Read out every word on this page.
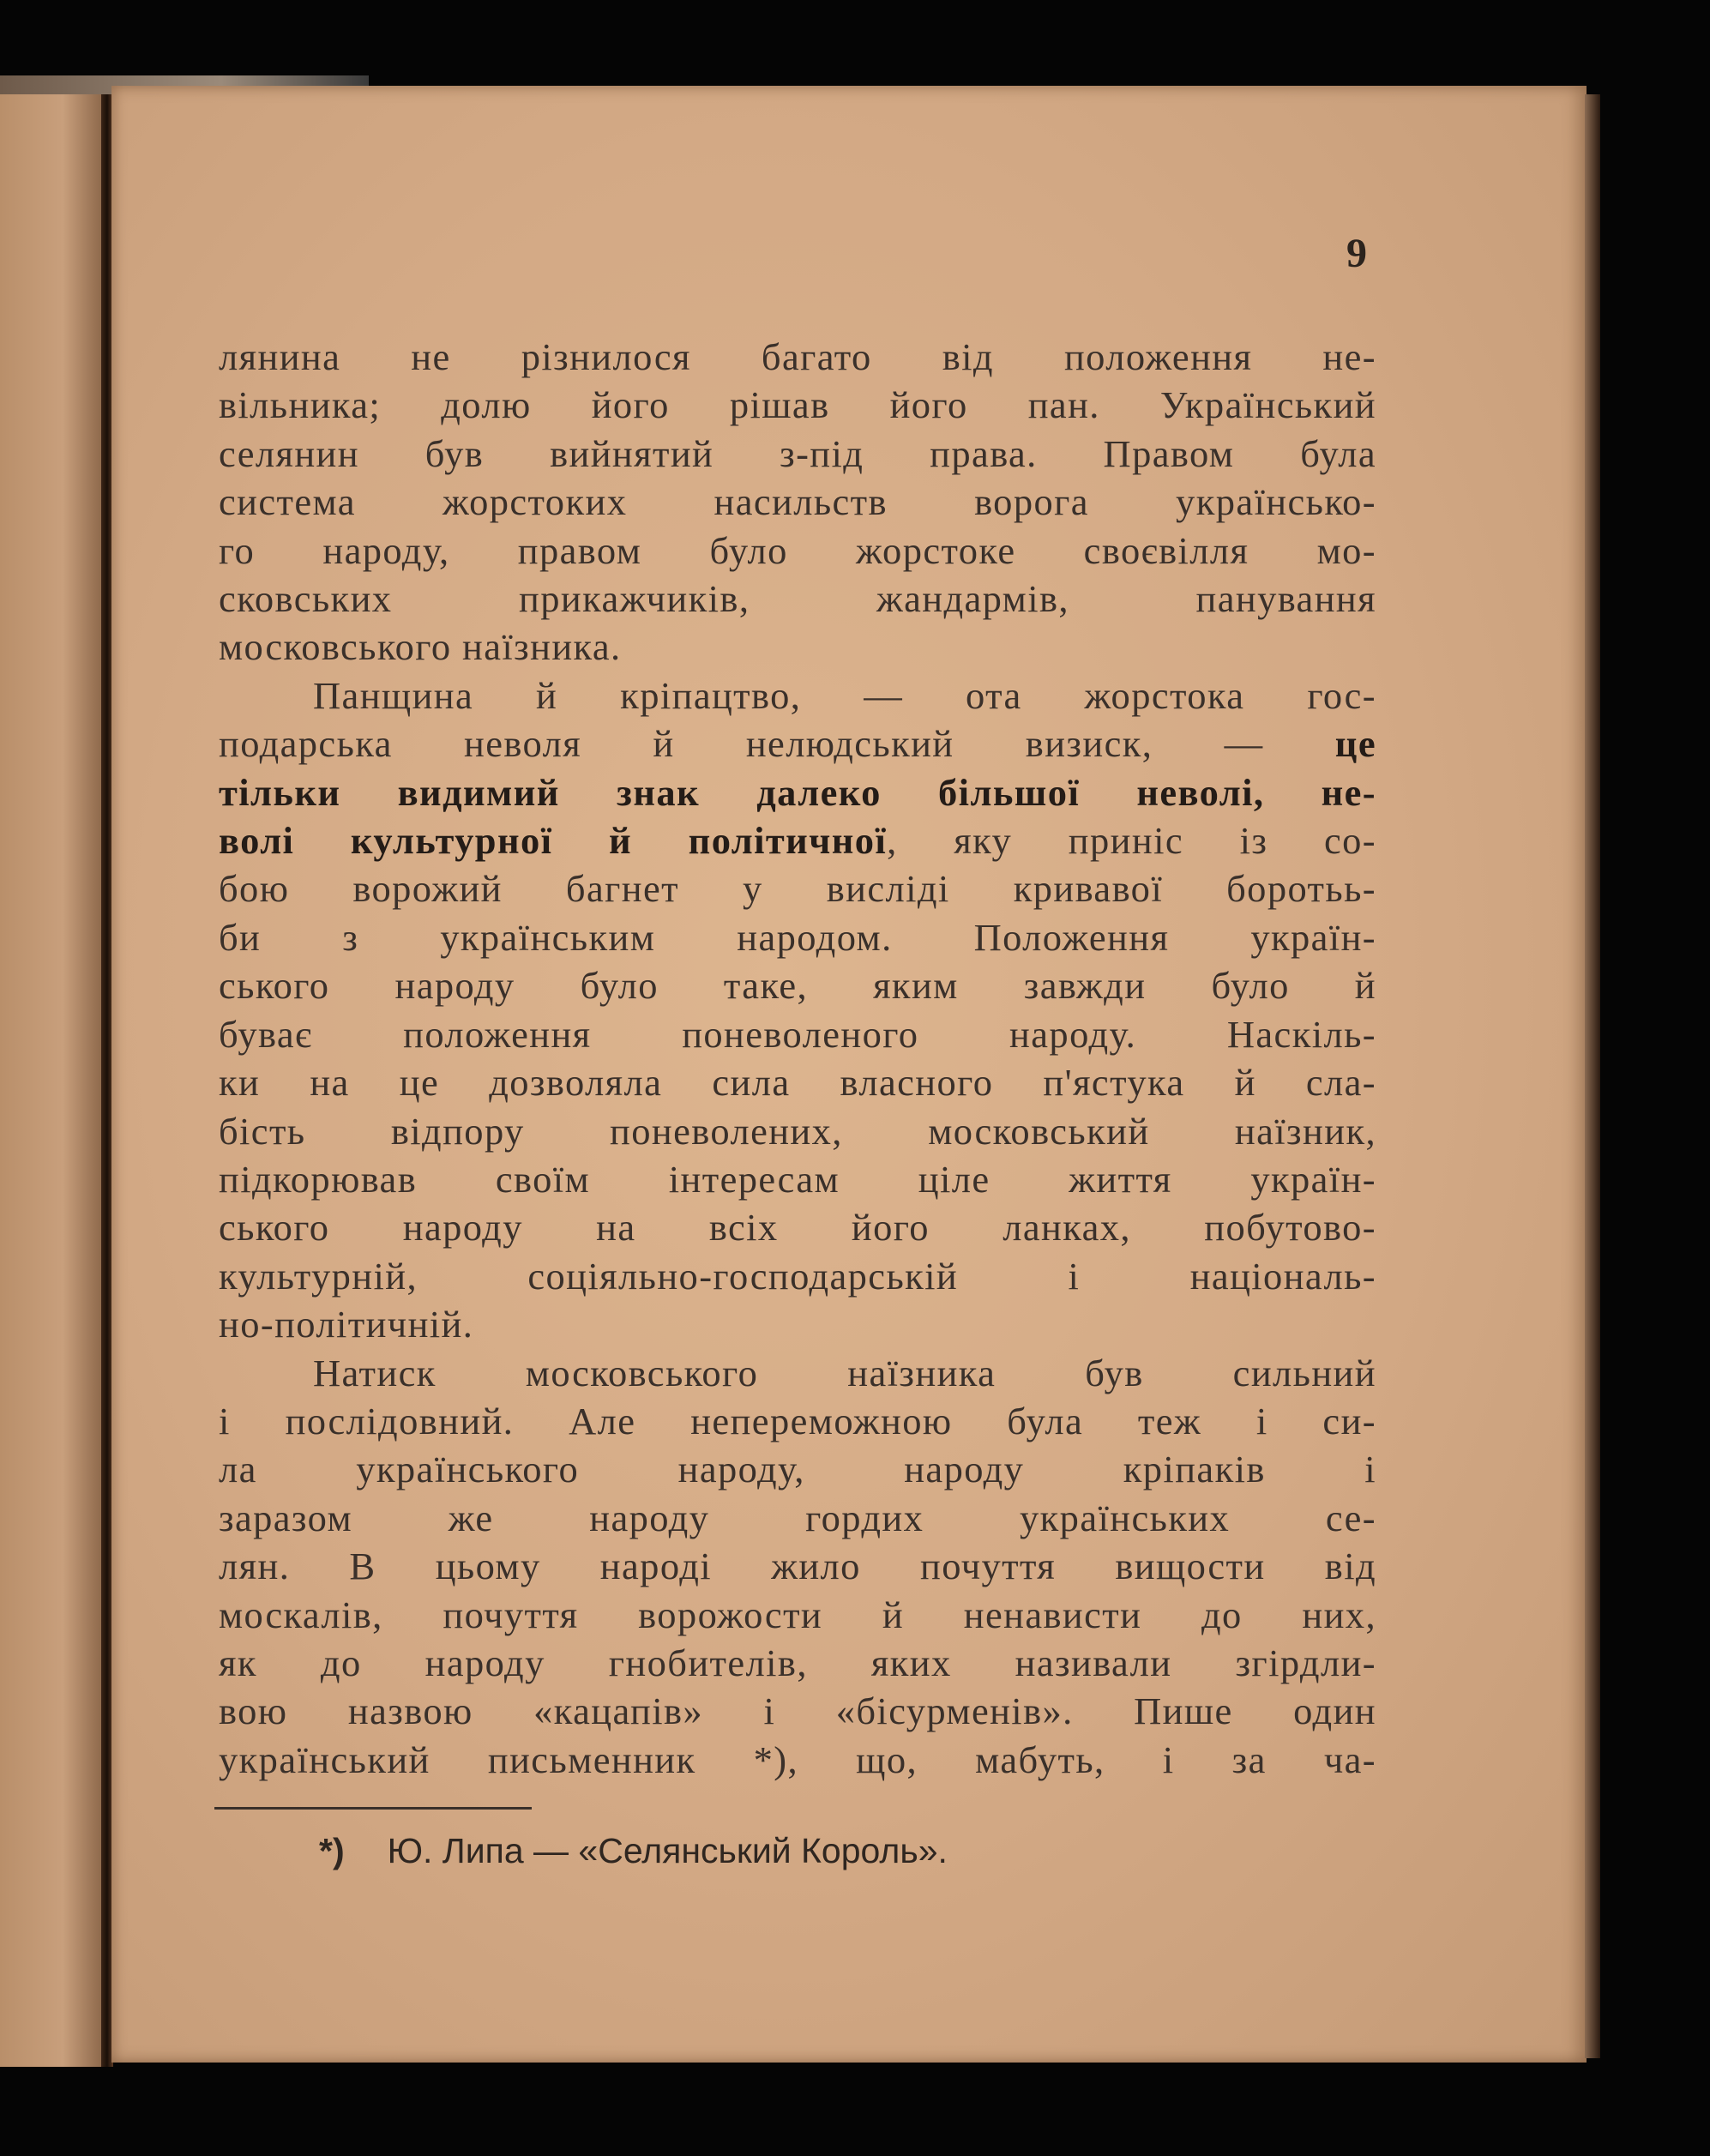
9
лянина не різнилося багато від положення не-
вільника; долю його рішав його пан. Український
селянин був вийнятий з-під права. Правом була
система жорстоких насильств ворога українсько-
го народу, правом було жорстоке своєвілля мо-
сковських прикажчиків, жандармів, панування
московського наїзника.
Панщина й кріпацтво, — ота жорстока гос-
подарська неволя й нелюдський визиск, — це
тільки видимий знак далеко більшої неволі, не-
волі культурної й політичної, яку приніс із со-
бою ворожий багнет у висліді кривавої боротьь-
би з українським народом. Положення україн-
ського народу було таке, яким завжди було й
буває положення поневоленого народу. Наскіль-
ки на це дозволяла сила власного п'ястука й сла-
бість відпору поневолених, московський наїзник,
підкорював своїм інтересам ціле життя україн-
ського народу на всіх його ланках, побутово-
культурній, соціяльно-господарській і національ-
но-політичній.
Натиск московського наїзника був сильний
і послідовний. Але непереможною була теж і си-
ла українського народу, народу кріпаків і
заразом же народу гордих українських се-
лян. В цьому народі жило почуття вищости від
москалів, почуття ворожости й ненависти до них,
як до народу гнобителів, яких називали згірдли-
вою назвою «кацапів» і «бісурменів». Пише один
український письменник *), що, мабуть, і за ча-
*) Ю. Липа — «Селянський Король».
